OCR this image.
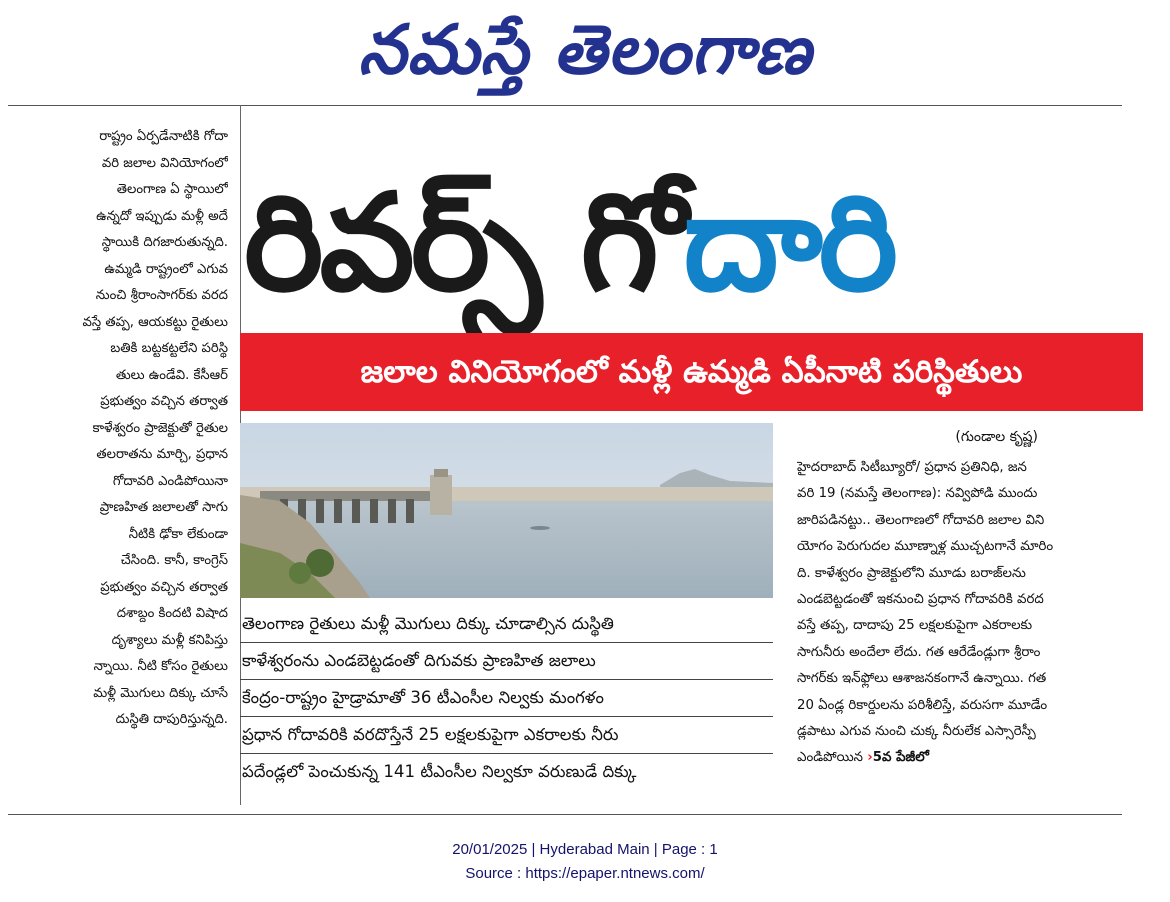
నమస్తే తెలంగాణ
రాష్ట్రం ఏర్పడేనాటికి గోదా
వరి జలాల వినియోగంలో
తెలంగాణ ఏ స్థాయిలో
ఉన్నదో ఇప్పుడు మళ్లీ అదే
స్థాయికి దిగజారుతున్నది.
ఉమ్మడి రాష్ట్రంలో ఎగువ
నుంచి శ్రీరాంసాగర్‌కు వరద
వస్తే తప్ప, ఆయకట్టు రైతులు
బతికి బట్టకట్టలేని పరిస్థి
తులు ఉండేవి. కేసీఆర్
ప్రభుత్వం వచ్చిన తర్వాత
కాళేశ్వరం ప్రాజెక్టుతో రైతుల
తలరాతను మార్చి, ప్రధాన
గోదావరి ఎండిపోయినా
ప్రాణహిత జలాలతో సాగు
నీటికి ఢోకా లేకుండా
చేసింది. కానీ, కాంగ్రెస్
ప్రభుత్వం వచ్చిన తర్వాత
దశాబ్దం కిందటి విషాద
దృశ్యాలు మళ్లీ కనిపిస్తు
న్నాయి. నీటి కోసం రైతులు
మళ్లీ మొగులు దిక్కు చూసే
దుస్థితి దాపురిస్తున్నది.
రివర్స్‌ గోదారి
జలాల వినియోగంలో మళ్లీ ఉమ్మడి ఏపీనాటి పరిస్థితులు
తెలంగాణ రైతులు మళ్లీ మొగులు దిక్కు చూడాల్సిన దుస్థితి
కాళేశ్వరంను ఎండబెట్టడంతో దిగువకు ప్రాణహిత జలాలు
కేంద్రం-రాష్ట్రం హైడ్రామాతో 36 టీఎంసీల నిల్వకు మంగళం
ప్రధాన గోదావరికి వరదొస్తేనే 25 లక్షలకుపైగా ఎకరాలకు నీరు
పదేండ్లలో పెంచుకున్న 141 టీఎంసీల నిల్వకూ వరుణుడే దిక్కు
(గుండాల కృష్ణ)
హైదరాబాద్‌ సిటీబ్యూరో/ ప్రధాన ప్రతినిధి, జన
వరి 19 (నమస్తే తెలంగాణ): నవ్విపోడి ముందు
జారిపడినట్టు.. తెలంగాణలో గోదావరి జలాల విని
యోగం పెరుగుదల మూణ్నాళ్ల ముచ్చటగానే మారిం
ది. కాళేశ్వరం ప్రాజెక్టులోని మూడు బరాజ్‌లను
ఎండబెట్టడంతో ఇకనుంచి ప్రధాన గోదావరికి వరద
వస్తే తప్ప, దాదాపు 25 లక్షలకుపైగా ఎకరాలకు
సాగునీరు అందేలా లేదు. గత ఆరేడేండ్లుగా శ్రీరాం
సాగర్‌కు ఇన్‌ఫ్లోలు ఆశాజనకంగానే ఉన్నాయి. గత
20 ఏండ్ల రికార్డులను పరిశీలిస్తే, వరుసగా మూడేం
డ్లపాటు ఎగువ నుంచి చుక్క నీరులేక ఎస్సారెస్పీ
ఎండిపోయిన ›5వ పేజీలో
20/01/2025 | Hyderabad Main | Page : 1
Source : https://epaper.ntnews.com/
